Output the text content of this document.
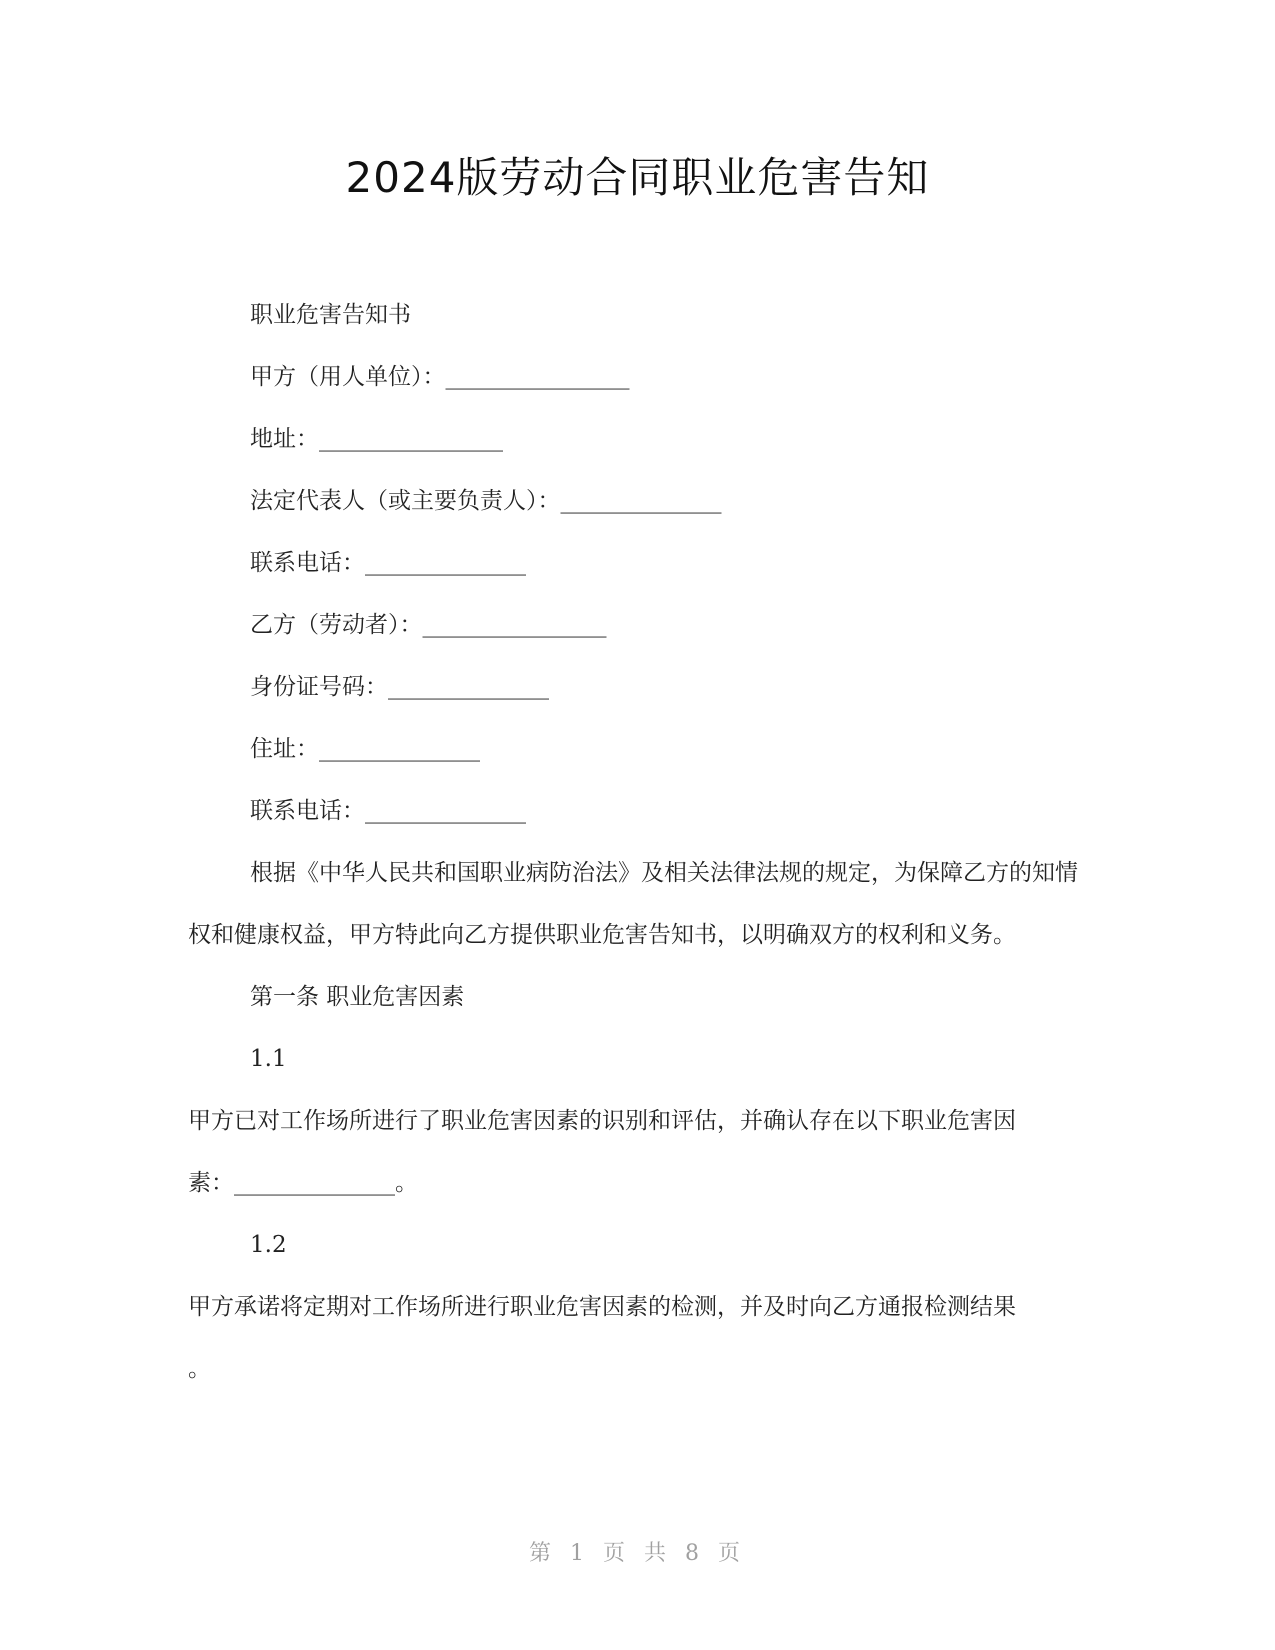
2024版劳动合同职业危害告知

职业危害告知书

甲方（用人单位）：________________

地址：________________

法定代表人（或主要负责人）：______________

联系电话：______________

乙方（劳动者）：________________

身份证号码：______________

住址：______________

联系电话：______________

根据《中华人民共和国职业病防治法》及相关法律法规的规定，为保障乙方的知情权和健康权益，甲方特此向乙方提供职业危害告知书，以明确双方的权利和义务。

第一条 职业危害因素

1.1

甲方已对工作场所进行了职业危害因素的识别和评估，并确认存在以下职业危害因

素：______________。

1.2

甲方承诺将定期对工作场所进行职业危害因素的检测，并及时向乙方通报检测结果

。

第 1 页 共 8 页
